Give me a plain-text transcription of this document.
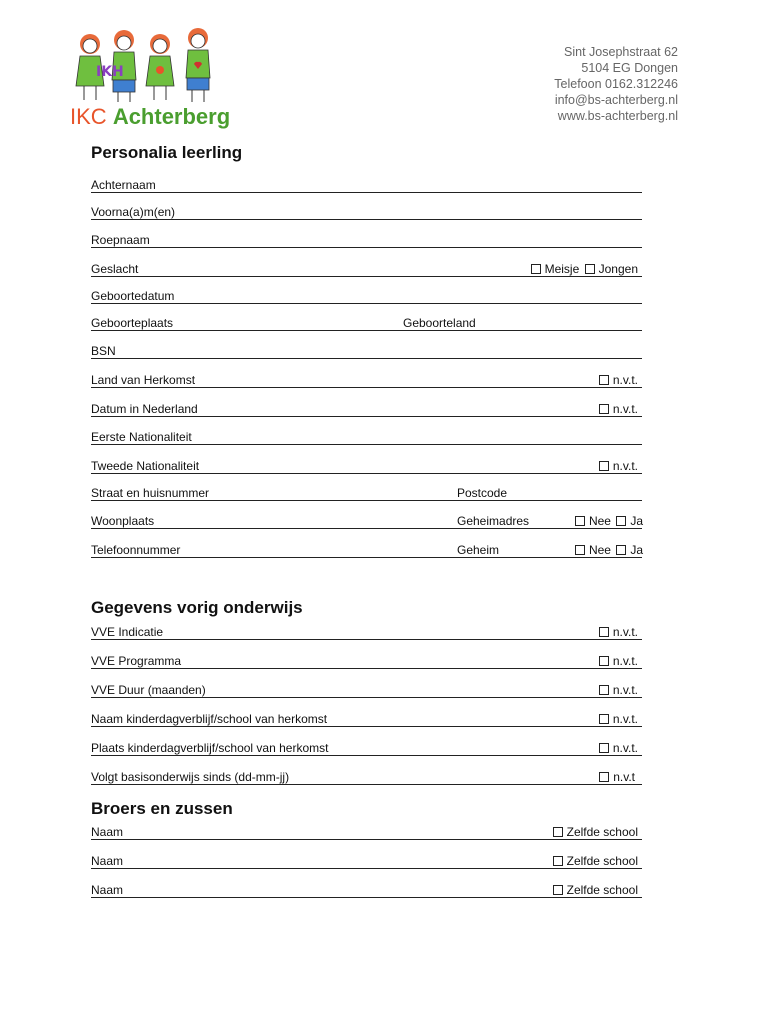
IKH
IKC Achterberg
Sint Josephstraat 62
5104 EG Dongen
Telefoon 0162.312246
info@bs-achterberg.nl
www.bs-achterberg.nl
Personalia leerling
Achternaam
Voorna(a)m(en)
Roepnaam
Geslacht	Meisje Jongen
Geboortedatum
Geboorteplaats	Geboorteland
BSN
Land van Herkomst	n.v.t.
Datum in Nederland	n.v.t.
Eerste Nationaliteit
Tweede Nationaliteit	n.v.t.
Straat en huisnummer	Postcode
Woonplaats	Geheimadres	Nee Ja
Telefoonnummer	Geheim	Nee Ja
Gegevens vorig onderwijs
VVE Indicatie	n.v.t.
VVE Programma	n.v.t.
VVE Duur (maanden)	n.v.t.
Naam kinderdagverblijf/school van herkomst	n.v.t.
Plaats kinderdagverblijf/school van herkomst	n.v.t.
Volgt basisonderwijs sinds (dd-mm-jj)	n.v.t
Broers en zussen
Naam	Zelfde school
Naam	Zelfde school
Naam	Zelfde school
